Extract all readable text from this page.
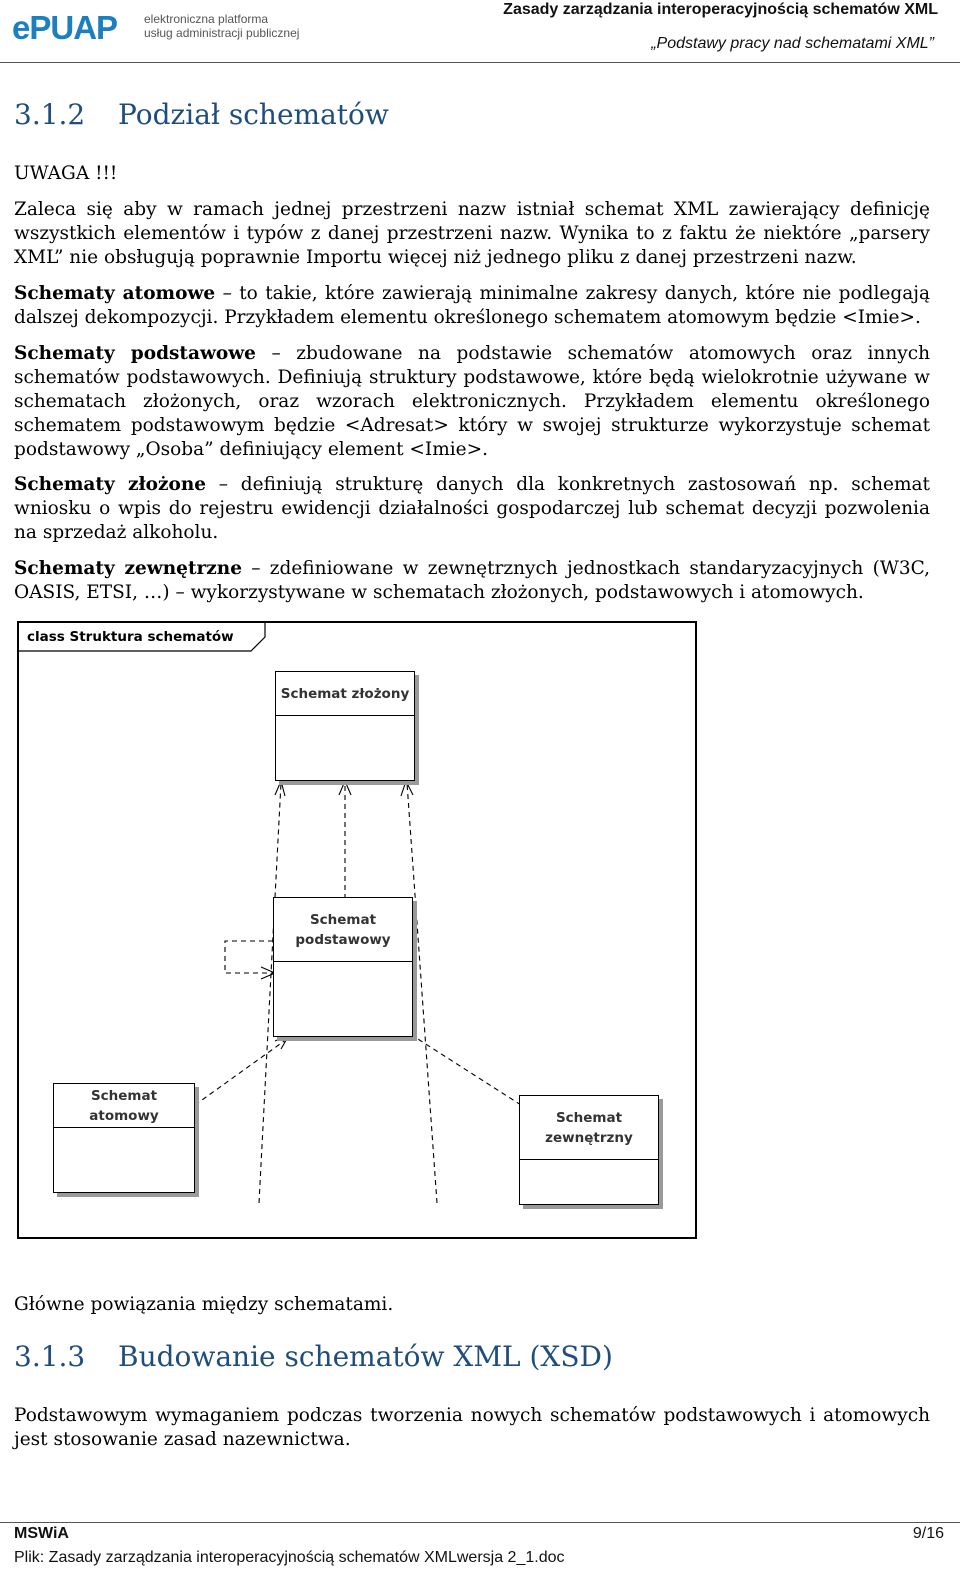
ePUAP elektroniczna platforma
usług administracji publicznej
Zasady zarządzania interoperacyjnością schematów XML
„Podstawy pracy nad schematami XML”
3.1.2 Podział schematów

UWAGA !!!

Zaleca się aby w ramach jednej przestrzeni nazw istniał schemat XML zawierający definicję wszystkich elementów i typów z danej przestrzeni nazw. Wynika to z faktu że niektóre „parsery XML” nie obsługują poprawnie Importu więcej niż jednego pliku z danej przestrzeni nazw.

Schematy atomowe – to takie, które zawierają minimalne zakresy danych, które nie podlegają dalszej dekompozycji. Przykładem elementu określonego schematem atomowym będzie <Imie>.

Schematy podstawowe – zbudowane na podstawie schematów atomowych oraz innych schematów podstawowych. Definiują struktury podstawowe, które będą wielokrotnie używane w schematach złożonych, oraz wzorach elektronicznych. Przykładem elementu określonego schematem podstawowym będzie <Adresat> który w swojej strukturze wykorzystuje schemat podstawowy „Osoba” definiujący element <Imie>.

Schematy złożone – definiują strukturę danych dla konkretnych zastosowań np. schemat wniosku o wpis do rejestru ewidencji działalności gospodarczej lub schemat decyzji pozwolenia na sprzedaż alkoholu.

Schematy zewnętrzne – zdefiniowane w zewnętrznych jednostkach standaryzacyjnych (W3C, OASIS, ETSI, …) – wykorzystywane w schematach złożonych, podstawowych i atomowych.

class Struktura schematów
Schemat złożony
Schemat podstawowy
Schemat atomowy	Schemat zewnętrzny

Główne powiązania między schematami.

3.1.3 Budowanie schematów XML (XSD)

Podstawowym wymaganiem podczas tworzenia nowych schematów podstawowych i atomowych jest stosowanie zasad nazewnictwa.

MSWiA	9/16
Plik: Zasady zarządzania interoperacyjnością schematów XMLwersja 2_1.doc
